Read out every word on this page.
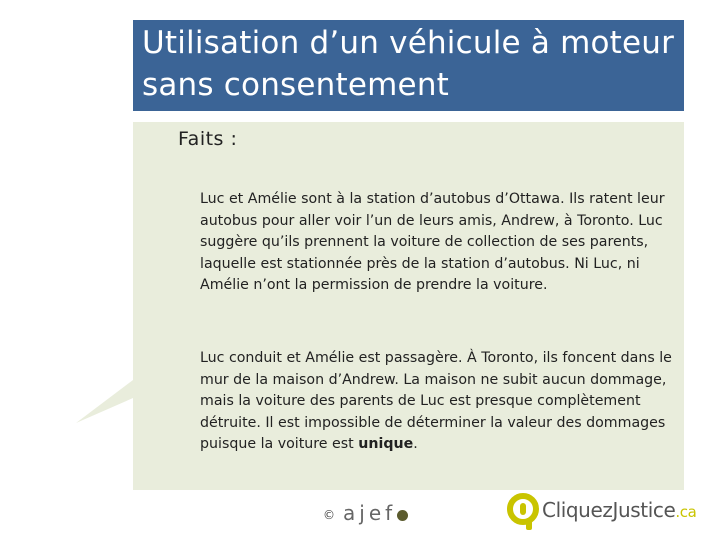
Utilisation d’un véhicule à moteur sans consentement
Faits :

Luc et Amélie sont à la station d’autobus d’Ottawa. Ils ratent leur autobus pour aller voir l’un de leurs amis, Andrew, à Toronto. Luc suggère qu’ils prennent la voiture de collection de ses parents, laquelle est stationnée près de la station d’autobus. Ni Luc, ni Amélie n’ont la permission de prendre la voiture.

Luc conduit et Amélie est passagère. À Toronto, ils foncent dans le mur de la maison d’Andrew. La maison ne subit aucun dommage, mais la voiture des parents de Luc est presque complètement détruite. Il est impossible de déterminer la valeur des dommages puisque la voiture est unique.

© ajef	CliquezJustice.ca
